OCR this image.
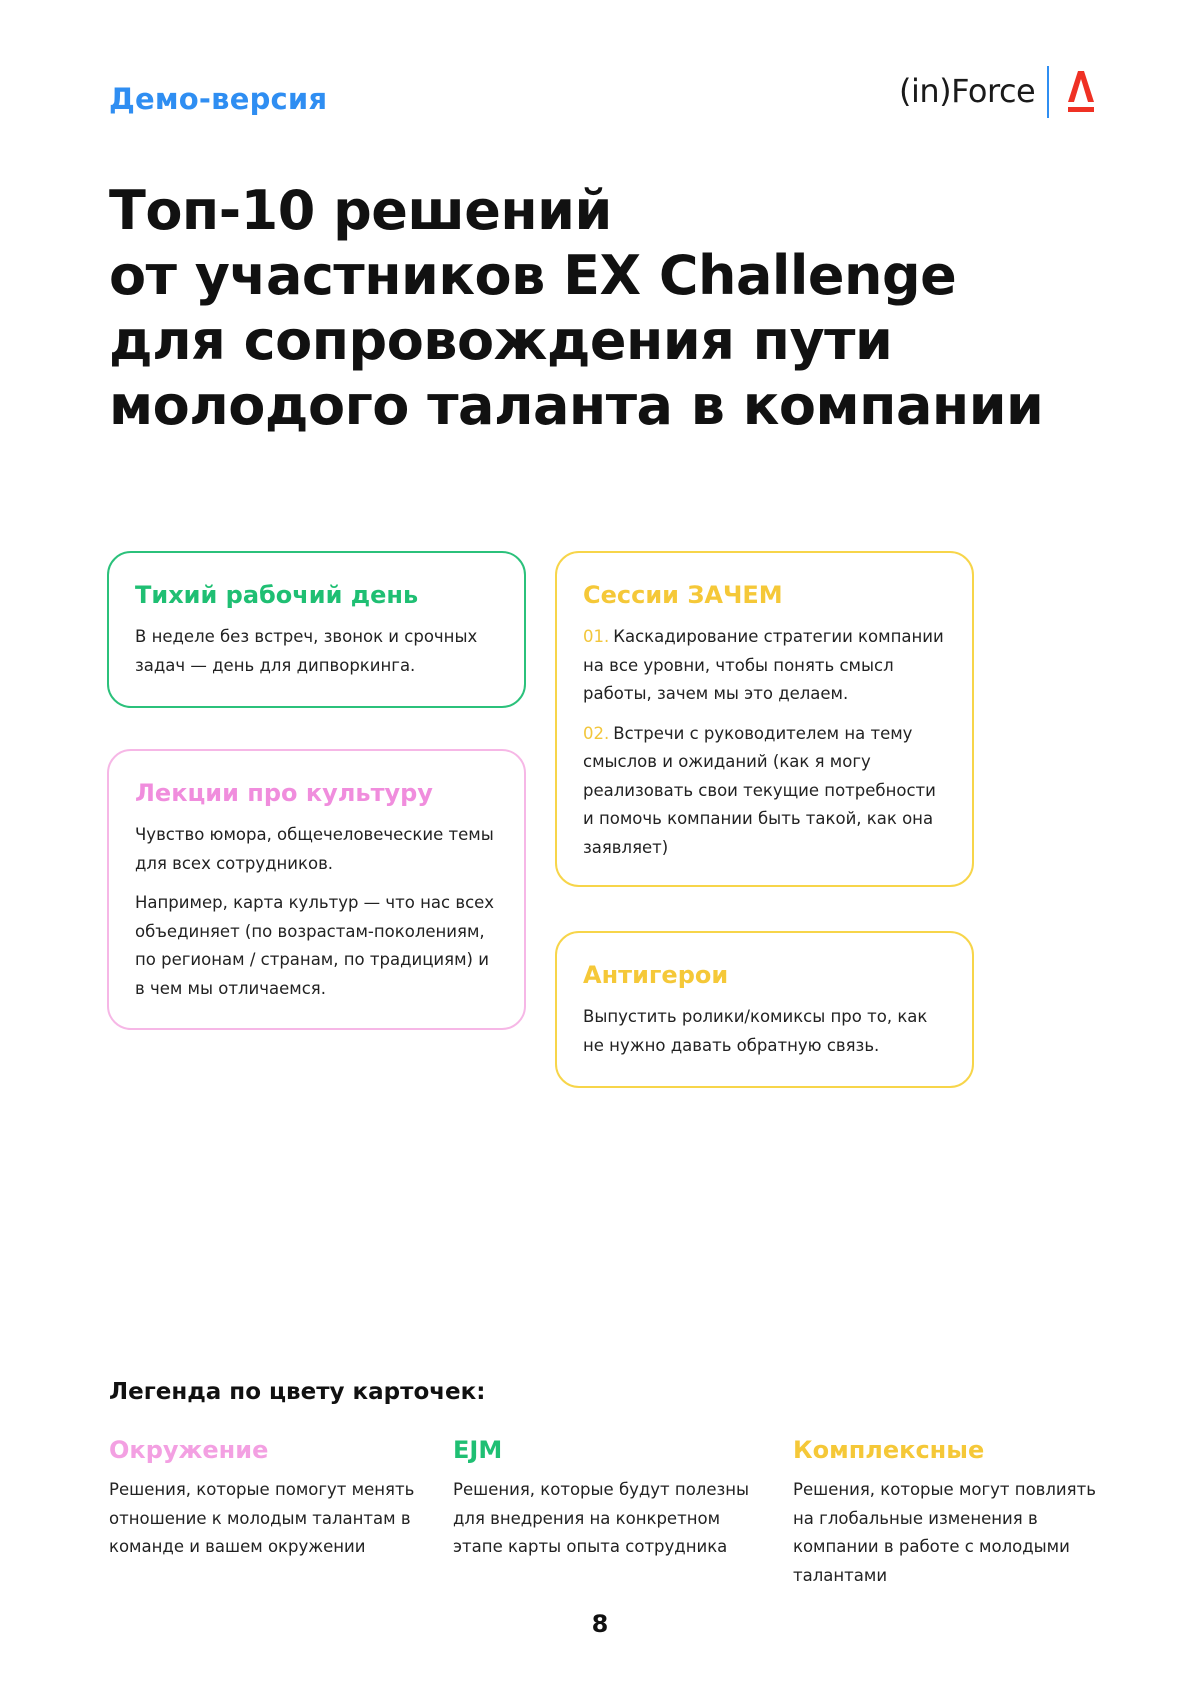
Демо-версия	(in)Force
Топ-10 решений
от участников EX Challenge
для сопровождения пути
молодого таланта в компании
Тихий рабочий день
В неделе без встреч, звонок и срочных задач — день для дипворкинга.
Лекции про культуру
Чувство юмора, общечеловеческие темы для всех сотрудников.
Например, карта культур — что нас всех объединяет (по возрастам-поколениям, по регионам / странам, по традициям) и в чем мы отличаемся.
Сессии ЗАЧЕМ
01. Каскадирование стратегии компании на все уровни, чтобы понять смысл работы, зачем мы это делаем.
02. Встречи с руководителем на тему смыслов и ожиданий (как я могу реализовать свои текущие потребности и помочь компании быть такой, как она заявляет)
Антигерои
Выпустить ролики/комиксы про то, как не нужно давать обратную связь.
Легенда по цвету карточек:
Окружение
Решения, которые помогут менять отношение к молодым талантам в команде и вашем окружении
EJM
Решения, которые будут полезны для внедрения на конкретном этапе карты опыта сотрудника
Комплексные
Решения, которые могут повлиять на глобальные изменения в компании в работе с молодыми талантами
8
